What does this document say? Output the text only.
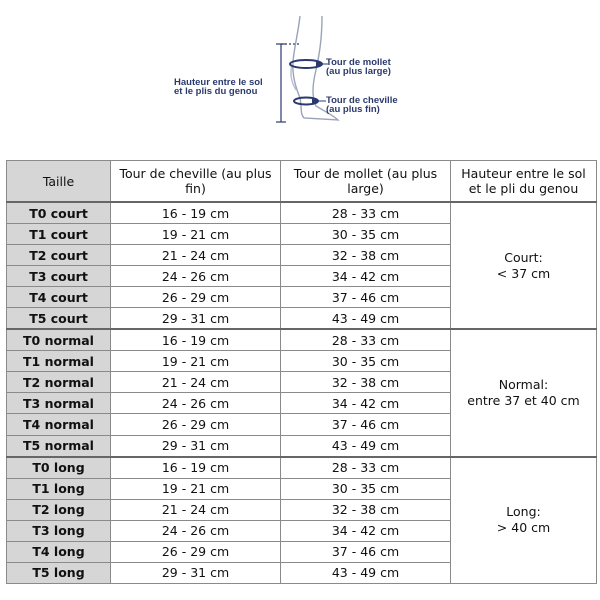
Hauteur entre le sol
et le plis du genou
Tour de mollet
(au plus large)
Tour de cheville
(au plus fin)
Taille	Tour de cheville (au plus fin)	Tour de mollet (au plus large)	Hauteur entre le sol et le pli du genou
T0 court	16 - 19 cm	28 - 33 cm	Court:
< 37 cm

T1 court	19 - 21 cm	30 - 35 cm	
T2 court	21 - 24 cm	32 - 38 cm	
T3 court	24 - 26 cm	34 - 42 cm	
T4 court	26 - 29 cm	37 - 46 cm	
T5 court	29 - 31 cm	43 - 49 cm	
T0 normal	16 - 19 cm	28 - 33 cm	Normal:
entre 37 et 40 cm

T1 normal	19 - 21 cm	30 - 35 cm	
T2 normal	21 - 24 cm	32 - 38 cm	
T3 normal	24 - 26 cm	34 - 42 cm	
T4 normal	26 - 29 cm	37 - 46 cm	
T5 normal	29 - 31 cm	43 - 49 cm	
T0 long	16 - 19 cm	28 - 33 cm	Long:
> 40 cm

T1 long	19 - 21 cm	30 - 35 cm	
T2 long	21 - 24 cm	32 - 38 cm	
T3 long	24 - 26 cm	34 - 42 cm	
T4 long	26 - 29 cm	37 - 46 cm	
T5 long	29 - 31 cm	43 - 49 cm	
